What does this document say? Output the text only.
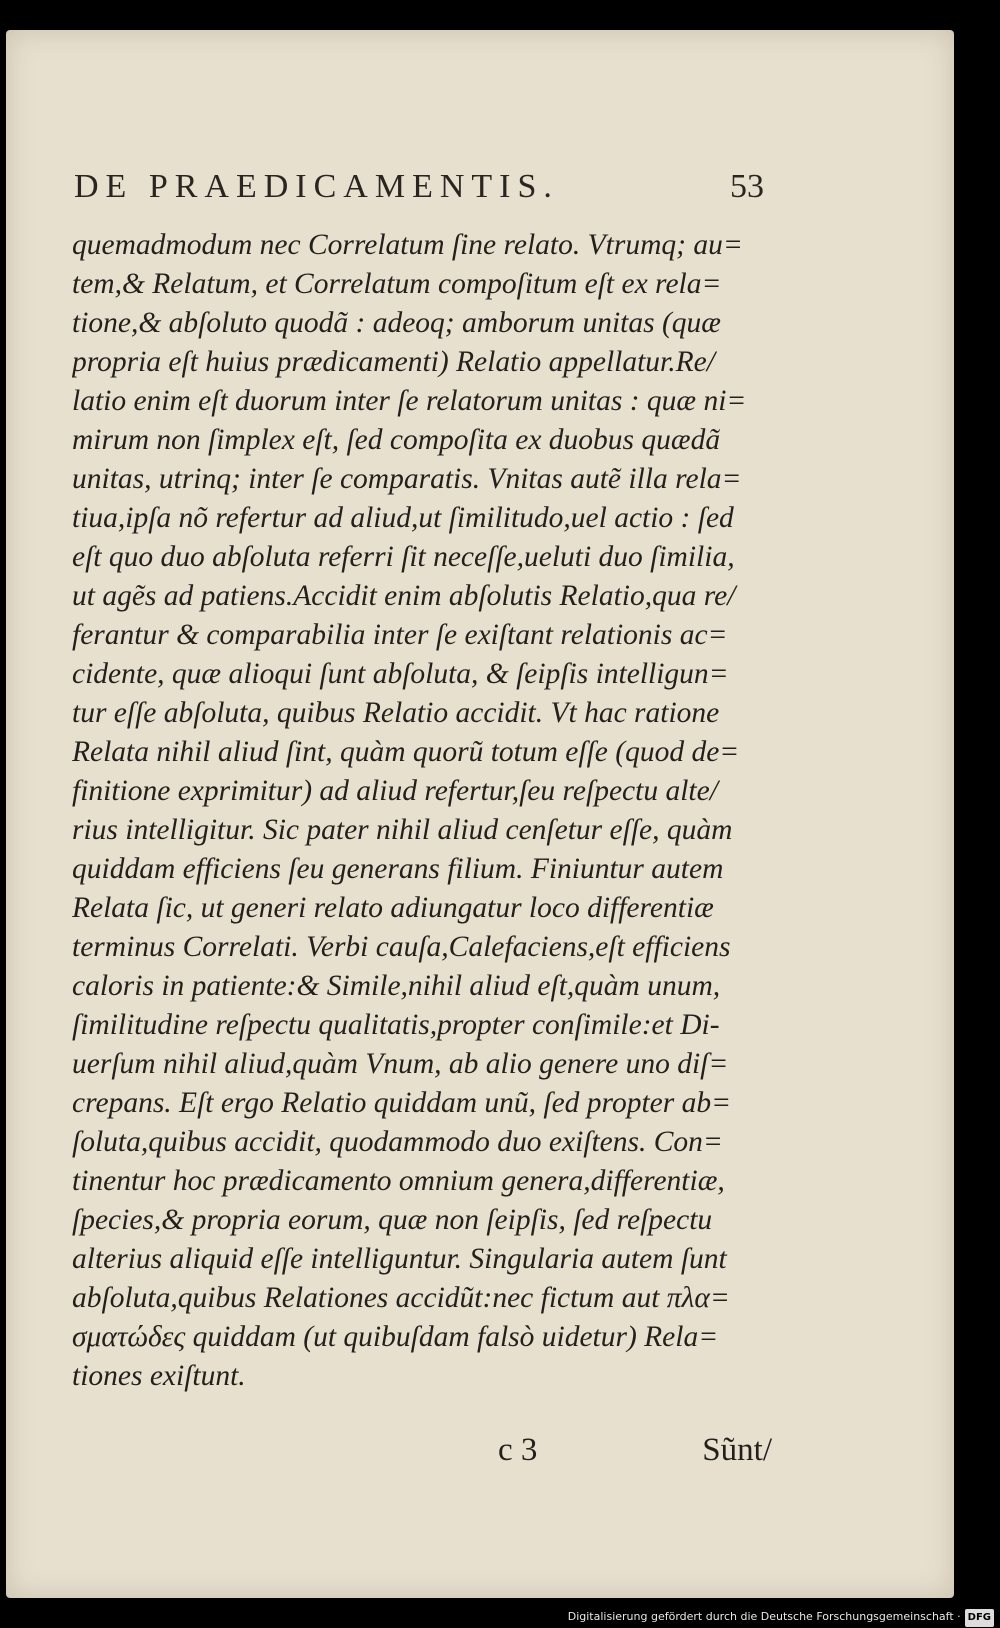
DE PRAEDICAMENTIS.	53
quemadmodum nec Correlatum ſine relato. Vtrumq; au=
tem,& Relatum, et Correlatum compoſitum eſt ex rela=
tione,& abſoluto quodã : adeoq; amborum unitas (quæ
propria eſt huius prædicamenti) Relatio appellatur.Re/
latio enim eſt duorum inter ſe relatorum unitas : quæ ni=
mirum non ſimplex eſt, ſed compoſita ex duobus quædã
unitas, utrinq; inter ſe comparatis. Vnitas autẽ illa rela=
tiua,ipſa nõ refertur ad aliud,ut ſimilitudo,uel actio : ſed
eſt quo duo abſoluta referri ſit neceſſe,ueluti duo ſimilia,
ut agẽs ad patiens.Accidit enim abſolutis Relatio,qua re/
ferantur & comparabilia inter ſe exiſtant relationis ac=
cidente, quæ alioqui ſunt abſoluta, & ſeipſis intelligun=
tur eſſe abſoluta, quibus Relatio accidit. Vt hac ratione
Relata nihil aliud ſint, quàm quorũ totum eſſe (quod de=
finitione exprimitur) ad aliud refertur,ſeu reſpectu alte/
rius intelligitur. Sic pater nihil aliud cenſetur eſſe, quàm
quiddam efficiens ſeu generans filium. Finiuntur autem
Relata ſic, ut generi relato adiungatur loco differentiæ
terminus Correlati. Verbi cauſa,Calefaciens,eſt efficiens
caloris in patiente:& Simile,nihil aliud eſt,quàm unum,
ſimilitudine reſpectu qualitatis,propter conſimile:et Di-
uerſum nihil aliud,quàm Vnum, ab alio genere uno diſ=
crepans. Eſt ergo Relatio quiddam unũ, ſed propter ab=
ſoluta,quibus accidit, quodammodo duo exiſtens. Con=
tinentur hoc prædicamento omnium genera,differentiæ,
ſpecies,& propria eorum, quæ non ſeipſis, ſed reſpectu
alterius aliquid eſſe intelliguntur. Singularia autem ſunt
abſoluta,quibus Relationes accidũt:nec fictum aut πλα=
σματώδες quiddam (ut quibuſdam falsò uidetur) Rela=
tiones exiſtunt.
c 3	Sũnt/
Digitalisierung gefördert durch die Deutsche Forschungsgemeinschaft · DFG
